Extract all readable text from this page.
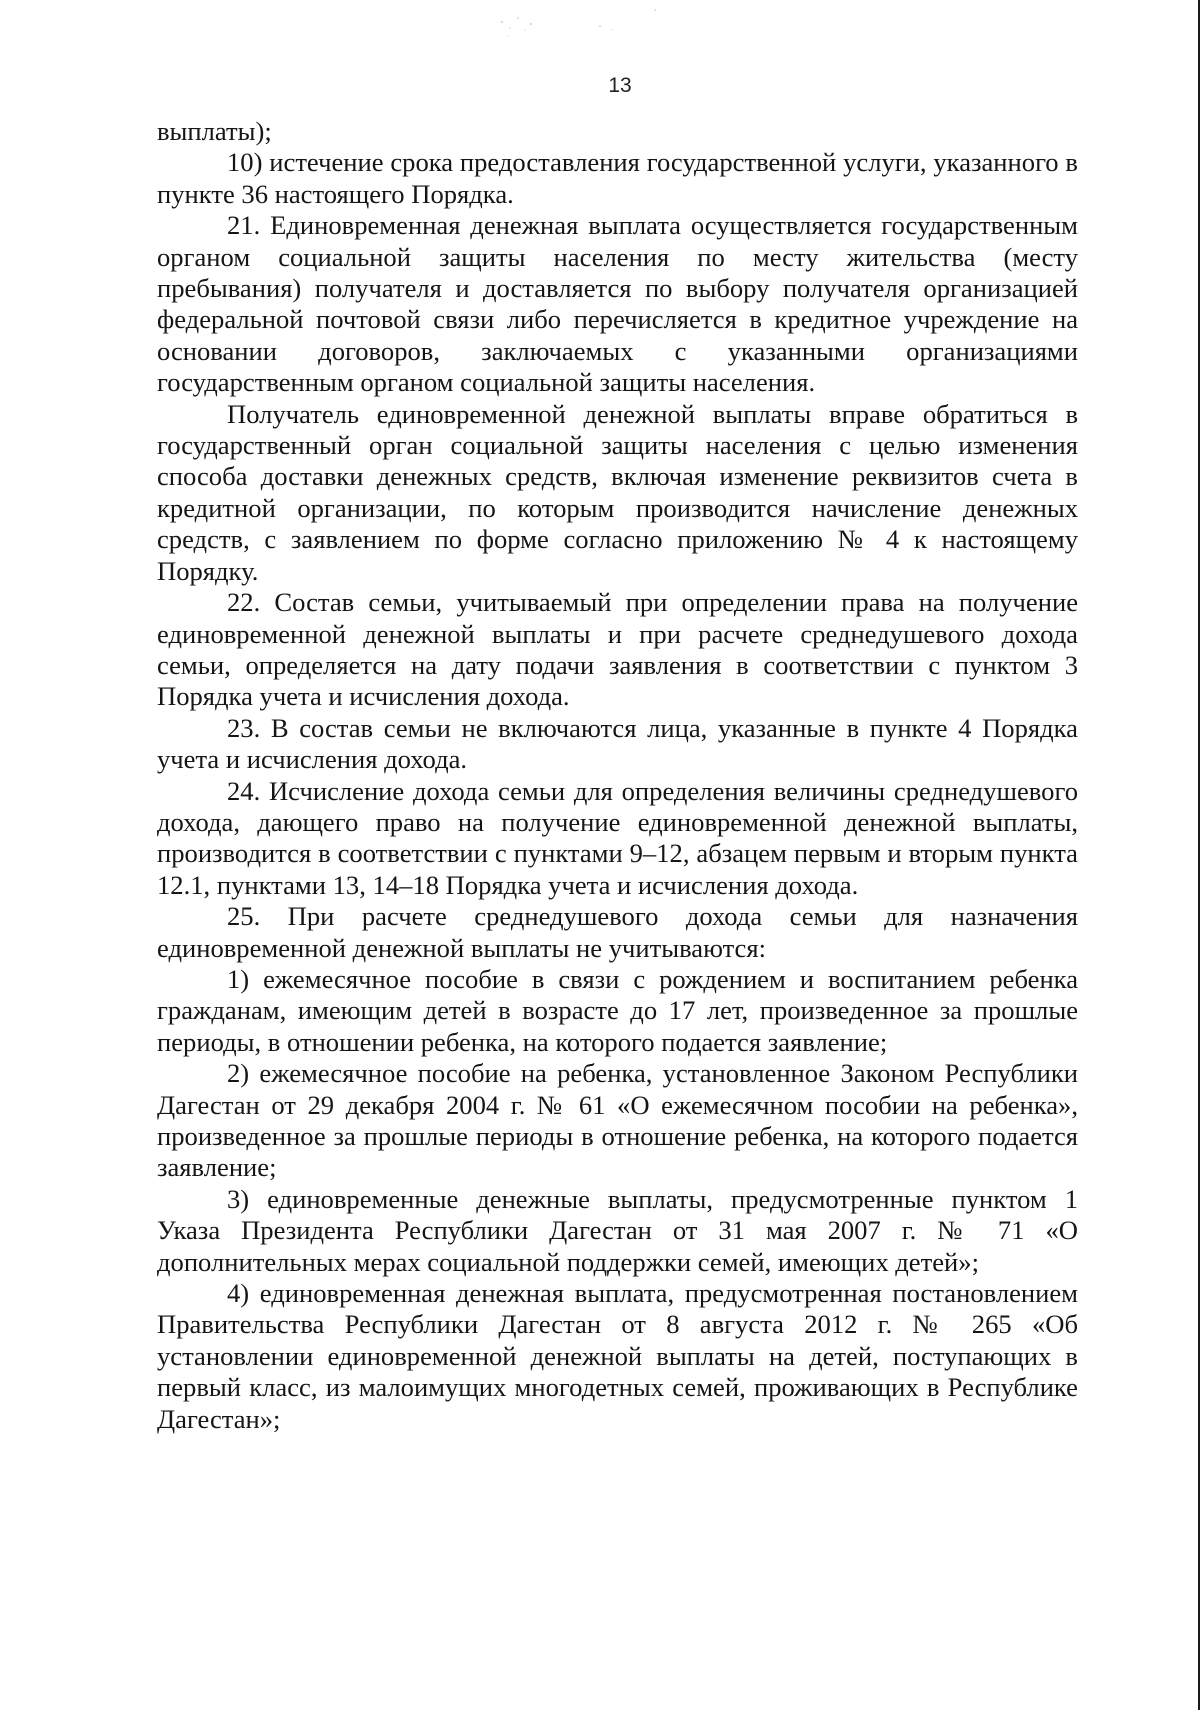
13

выплаты);

10) истечение срока предоставления государственной услуги, указанного в пункте 36 настоящего Порядка.

21. Единовременная денежная выплата осуществляется государственным органом социальной защиты населения по месту жительства (месту пребывания) получателя и доставляется по выбору получателя организацией федеральной почтовой связи либо перечисляется в кредитное учреждение на основании договоров, заключаемых с указанными организациями государственным органом социальной защиты населения.

Получатель единовременной денежной выплаты вправе обратиться в государственный орган социальной защиты населения с целью изменения способа доставки денежных средств, включая изменение реквизитов счета в кредитной организации, по которым производится начисление денежных средств, с заявлением по форме согласно приложению № 4 к настоящему Порядку.

22. Состав семьи, учитываемый при определении права на получение единовременной денежной выплаты и при расчете среднедушевого дохода семьи, определяется на дату подачи заявления в соответствии с пунктом 3 Порядка учета и исчисления дохода.

23. В состав семьи не включаются лица, указанные в пункте 4 Порядка учета и исчисления дохода.

24. Исчисление дохода семьи для определения величины среднедушевого дохода, дающего право на получение единовременной денежной выплаты, производится в соответствии с пунктами 9–12, абзацем первым и вторым пункта 12.1, пунктами 13, 14–18 Порядка учета и исчисления дохода.

25. При расчете среднедушевого дохода семьи для назначения единовременной денежной выплаты не учитываются:

1) ежемесячное пособие в связи с рождением и воспитанием ребенка гражданам, имеющим детей в возрасте до 17 лет, произведенное за прошлые периоды, в отношении ребенка, на которого подается заявление;

2) ежемесячное пособие на ребенка, установленное Законом Республики Дагестан от 29 декабря 2004 г. № 61 «О ежемесячном пособии на ребенка», произведенное за прошлые периоды в отношение ребенка, на которого подается заявление;

3) единовременные денежные выплаты, предусмотренные пунктом 1 Указа Президента Республики Дагестан от 31 мая 2007 г. № 71 «О дополнительных мерах социальной поддержки семей, имеющих детей»;

4) единовременная денежная выплата, предусмотренная постановлением Правительства Республики Дагестан от 8 августа 2012 г. № 265 «Об установлении единовременной денежной выплаты на детей, поступающих в первый класс, из малоимущих многодетных семей, проживающих в Республике Дагестан»;
